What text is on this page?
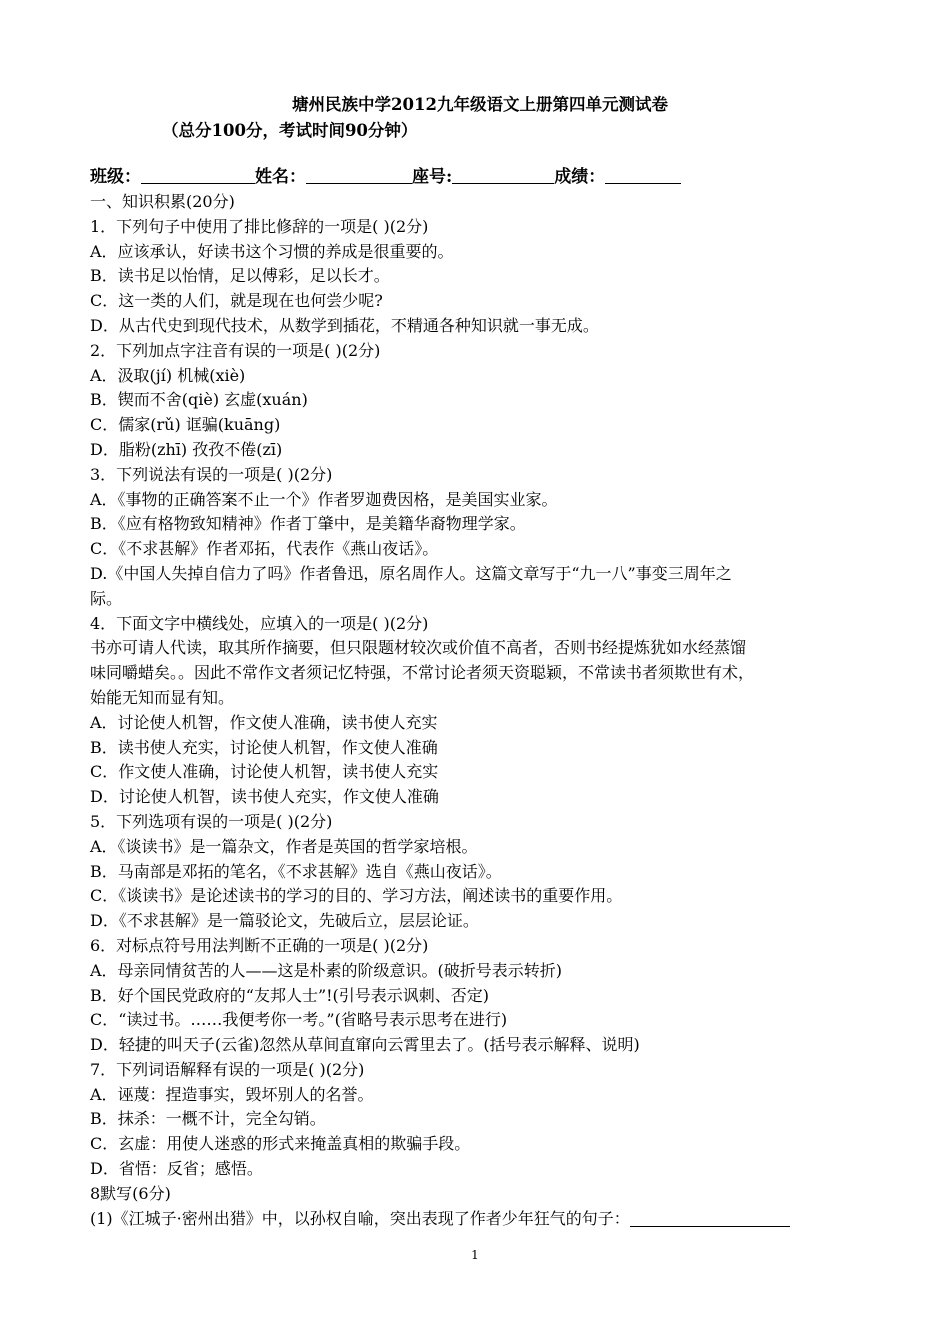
塘州民族中学2012九年级语文上册第四单元测试卷
（总分100分，考试时间90分钟）
班级：	姓名：	座号:	成绩：
一、知识积累(20分)
1．下列句子中使用了排比修辞的一项是( )(2分)
A．应该承认，好读书这个习惯的养成是很重要的。
B．读书足以怡情，足以傅彩，足以长才。
C．这一类的人们，就是现在也何尝少呢?
D．从古代史到现代技术，从数学到插花，不精通各种知识就一事无成。
2．下列加点字注音有误的一项是( )(2分)
A．汲取(jí) 机械(xiè)
B．锲而不舍(qiè) 玄虚(xuán)
C．儒家(rǔ) 诓骗(kuāng)
D．脂粉(zhī) 孜孜不倦(zī)
3．下列说法有误的一项是( )(2分)
A．《事物的正确答案不止一个》作者罗迦费因格，是美国实业家。
B．《应有格物致知精神》作者丁肇中，是美籍华裔物理学家。
C．《不求甚解》作者邓拓，代表作《燕山夜话》。
D.《中国人失掉自信力了吗》作者鲁迅，原名周作人。这篇文章写于“九一八”事变三周年之
际。
4．下面文字中横线处，应填入的一项是( )(2分)
书亦可请人代读，取其所作摘要，但只限题材较次或价值不高者，否则书经提炼犹如水经蒸馏
味同嚼蜡矣。。因此不常作文者须记忆特强，不常讨论者须天资聪颖，不常读书者须欺世有术，
始能无知而显有知。
A．讨论使人机智，作文使人准确，读书使人充实
B．读书使人充实，讨论使人机智，作文使人准确
C．作文使人准确，讨论使人机智，读书使人充实
D．讨论使人机智，读书使人充实，作文使人准确
5．下列选项有误的一项是( )(2分)
A．《谈读书》是一篇杂文，作者是英国的哲学家培根。
B．马南部是邓拓的笔名，《不求甚解》选自《燕山夜话》。
C．《谈读书》是论述读书的学习的目的、学习方法，阐述读书的重要作用。
D．《不求甚解》是一篇驳论文，先破后立，层层论证。
6．对标点符号用法判断不正确的一项是( )(2分)
A．母亲同情贫苦的人——这是朴素的阶级意识。(破折号表示转折)
B．好个国民党政府的“友邦人士”!(引号表示讽刺、否定)
C．“读过书。……我便考你一考。”(省略号表示思考在进行)
D．轻捷的叫天子(云雀)忽然从草间直窜向云霄里去了。(括号表示解释、说明)
7．下列词语解释有误的一项是( )(2分)
A．诬蔑：捏造事实，毁坏别人的名誉。
B．抹杀：一概不计，完全勾销。
C．玄虚：用使人迷惑的形式来掩盖真相的欺骗手段。
D．省悟：反省；感悟。
8默写(6分)
(1)《江城子·密州出猎》中，以孙权自喻，突出表现了作者少年狂气的句子：
1
